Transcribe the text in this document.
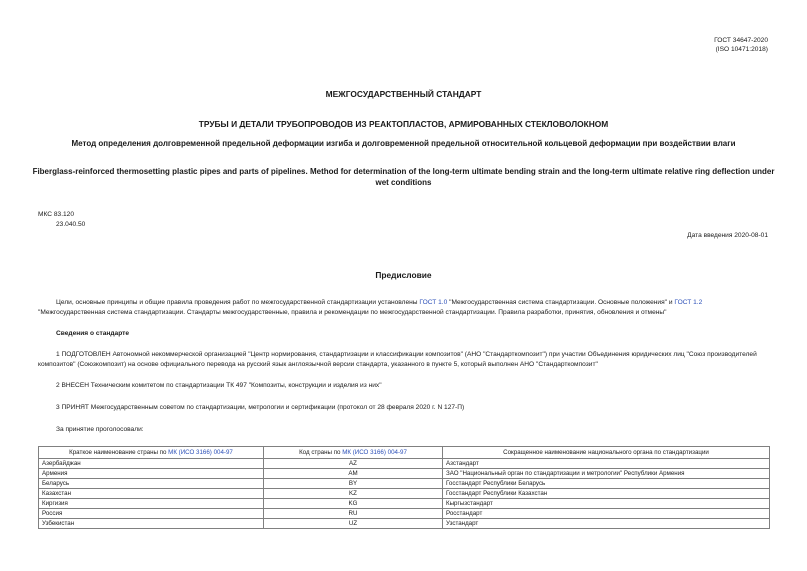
ГОСТ 34647-2020
(ISO 10471:2018)
МЕЖГОСУДАРСТВЕННЫЙ СТАНДАРТ
ТРУБЫ И ДЕТАЛИ ТРУБОПРОВОДОВ ИЗ РЕАКТОПЛАСТОВ, АРМИРОВАННЫХ СТЕКЛОВОЛОКНОМ
Метод определения долговременной предельной деформации изгиба и долговременной предельной относительной кольцевой деформации при воздействии влаги
Fiberglass-reinforced thermosetting plastic pipes and parts of pipelines. Method for determination of the long-term ultimate bending strain and the long-term ultimate relative ring deflection under wet conditions
МКС 83.120
23.040.50
Дата введения 2020-08-01
Предисловие
Цели, основные принципы и общие правила проведения работ по межгосударственной стандартизации установлены ГОСТ 1.0 "Межгосударственная система стандартизации. Основные положения" и ГОСТ 1.2 "Межгосударственная система стандартизации. Стандарты межгосударственные, правила и рекомендации по межгосударственной стандартизации. Правила разработки, принятия, обновления и отмены"
Сведения о стандарте
1 ПОДГОТОВЛЕН Автономной некоммерческой организацией "Центр нормирования, стандартизации и классификации композитов" (АНО "Стандарткомпозит") при участии Объединения юридических лиц "Союз производителей композитов" (Союзкомпозит) на основе официального перевода на русский язык англоязычной версии стандарта, указанного в пункте 5, который выполнен АНО "Стандарткомпозит"
2 ВНЕСЕН Техническим комитетом по стандартизации ТК 497 "Композиты, конструкции и изделия из них"
3 ПРИНЯТ Межгосударственным советом по стандартизации, метрологии и сертификации (протокол от 28 февраля 2020 г. N 127-П)
За принятие проголосовали:
Краткое наименование страны по МК (ИСО 3166) 004-97	Код страны по МК (ИСО 3166) 004-97	Сокращенное наименование национального органа по стандартизации
Азербайджан	AZ	Азстандарт
Армения	AM	ЗАО "Национальный орган по стандартизации и метрологии" Республики Армения
Беларусь	BY	Госстандарт Республики Беларусь
Казахстан	KZ	Госстандарт Республики Казахстан
Киргизия	KG	Кыргызстандарт
Россия	RU	Росстандарт
Узбекистан	UZ	Узстандарт
